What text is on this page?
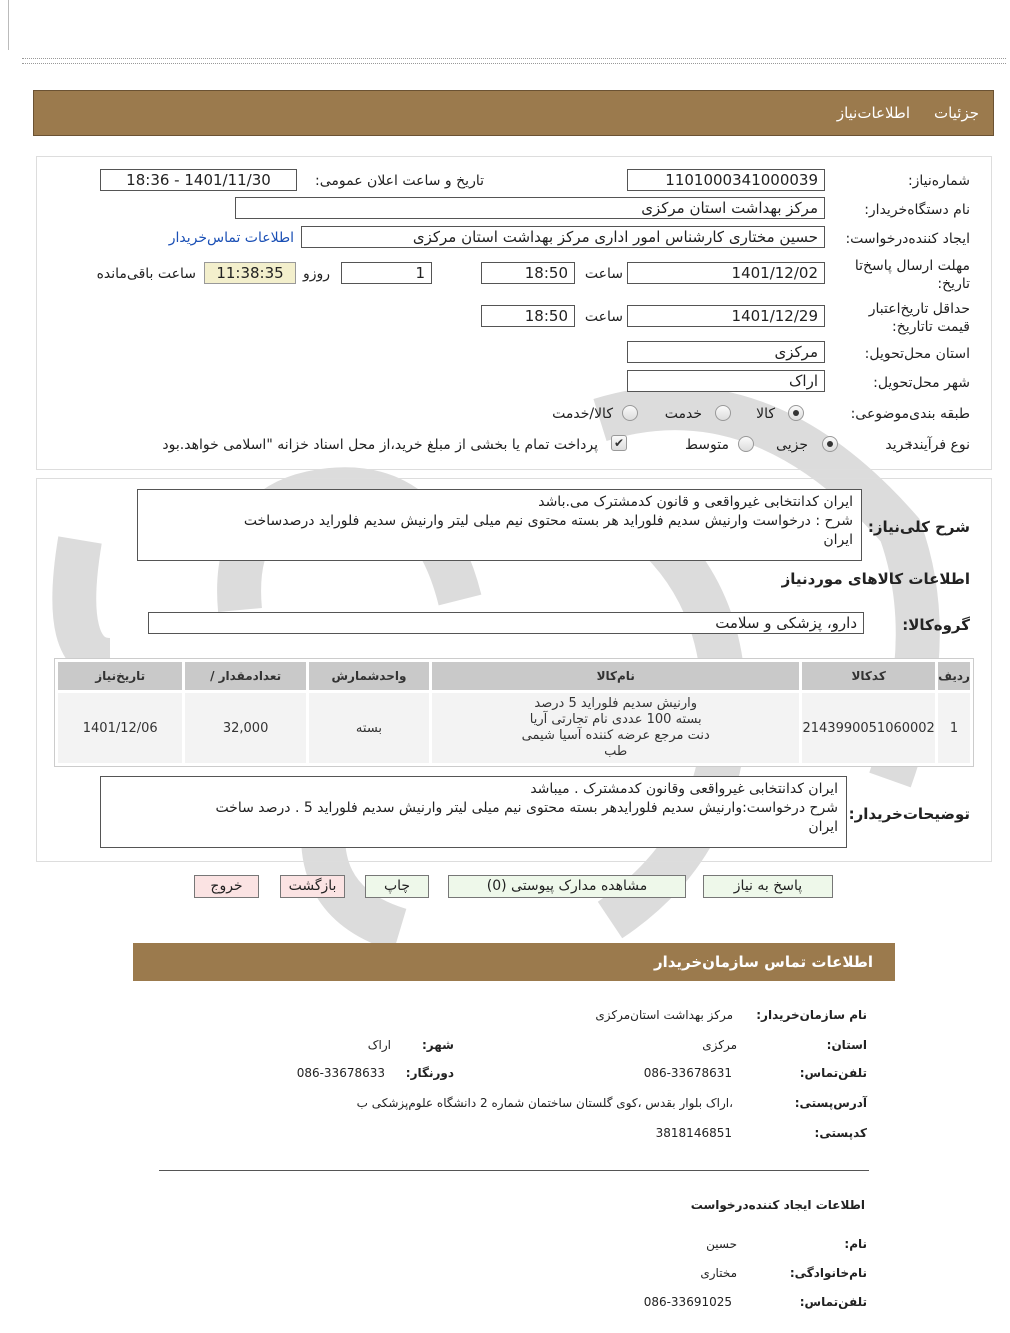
جزئیات
اطلاعات‌نیاز
شماره‌نیاز:
1101000341000039
تاریخ و ساعت اعلان عمومی:
1401/11/30 - 18:36
نام دستگاه‌خریدار:
مرکز بهداشت استان مرکزی
ایجاد کننده‌درخواست:
حسین مختاری کارشناس امور اداری مرکز بهداشت استان مرکزی
اطلاعات تماس‌خریدار
مهلت ارسال پاسخ‌تا تاریخ:
1401/12/02
ساعت
18:50
1
روز‌و
11:38:35
ساعت باقی‌مانده
حداقل تاریخ‌اعتبار قیمت تا‌تاریخ:
1401/12/29
ساعت
18:50
استان محل‌تحویل:
مرکزی
شهر محل‌تحویل:
اراک
طبقه بندی‌موضوعی:
کالا
خدمت
کالا/خدمت
نوع فرآیند:
خرید
جزیی
متوسط
✔
پرداخت تمام یا بخشی از مبلغ خرید،از محل اسناد خزانه "اسلامی خواهد.بود
شرح کلی‌نیاز:
ایران کدانتخابی غیرواقعی و قانون کدمشترک می.باشد
شرح : درخواست وارنیش سدیم فلوراید هر بسته محتوی نیم میلی لیتر وارنیش سدیم فلوراید درصدساخت
ایران
اطلاعات کالاهای موردنیاز
گروه‌کالا:
دارو، پزشکی و سلامت
ردیف	کدکالا	نام‌کالا	واحدشمارش	تعدادمقدار /	تاریخ‌نیاز
1	2143990051060002	وارنیش سدیم فلوراید 5 درصد
بسته 100 عددی نام تجارتی آریا
دنت مرجع عرضه کننده آسیا شیمی
طب	بسته	32,000	1401/12/06
توضیحات‌خریدار:
ایران کدانتخابی غیرواقعی وقانون کدمشترک . میباشد
شرح درخواست:وارنیش سدیم فلورایدهر بسته محتوی نیم میلی لیتر وارنیش سدیم فلوراید 5 . درصد ساخت
ایران
پاسخ به نیاز
مشاهده مدارک پیوستی (0)
چاپ
بازگشت
خروج
اطلاعات تماس سازمان‌خریدار
نام سازمان‌خریدار:
مرکز بهداشت استان‌مرکزی
استان:
مرکزی
شهر:
اراک
تلفن‌تماس:
086-33678631
دورنگار:
086-33678633
آدرس‌پستی:
،اراک بلوار بقدس ،کوی گلستان ساختمان شماره 2 دانشگاه علوم‌پزشکی ب
کدپستی:
3818146851
اطلاعات ایجاد کننده‌درخواست
نام:
حسین
نام‌خانوادگی:
مختاری
تلفن‌تماس:
086-33691025
